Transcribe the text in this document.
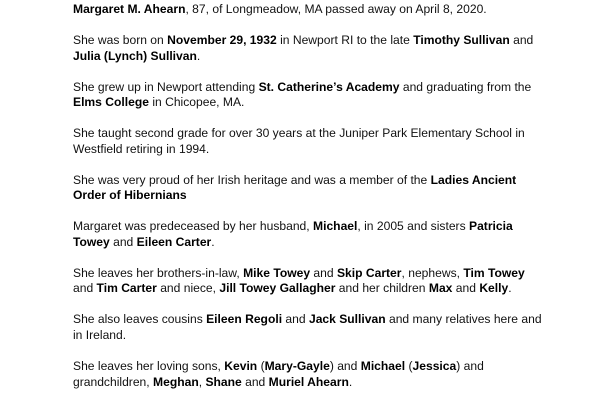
Margaret M. Ahearn, 87, of Longmeadow, MA passed away on April 8, 2020.

She was born on November 29, 1932 in Newport RI to the late Timothy Sullivan and Julia (Lynch) Sullivan.

She grew up in Newport attending St. Catherine’s Academy and graduating from the Elms College in Chicopee, MA.

She taught second grade for over 30 years at the Juniper Park Elementary School in Westfield retiring in 1994.

She was very proud of her Irish heritage and was a member of the Ladies Ancient Order of Hibernians

Margaret was predeceased by her husband, Michael, in 2005 and sisters Patricia Towey and Eileen Carter.

She leaves her brothers-in-law, Mike Towey and Skip Carter, nephews, Tim Towey and Tim Carter and niece, Jill Towey Gallagher and her children Max and Kelly.

She also leaves cousins Eileen Regoli and Jack Sullivan and many relatives here and in Ireland.

She leaves her loving sons, Kevin (Mary-Gayle) and Michael (Jessica) and grandchildren, Meghan, Shane and Muriel Ahearn.
